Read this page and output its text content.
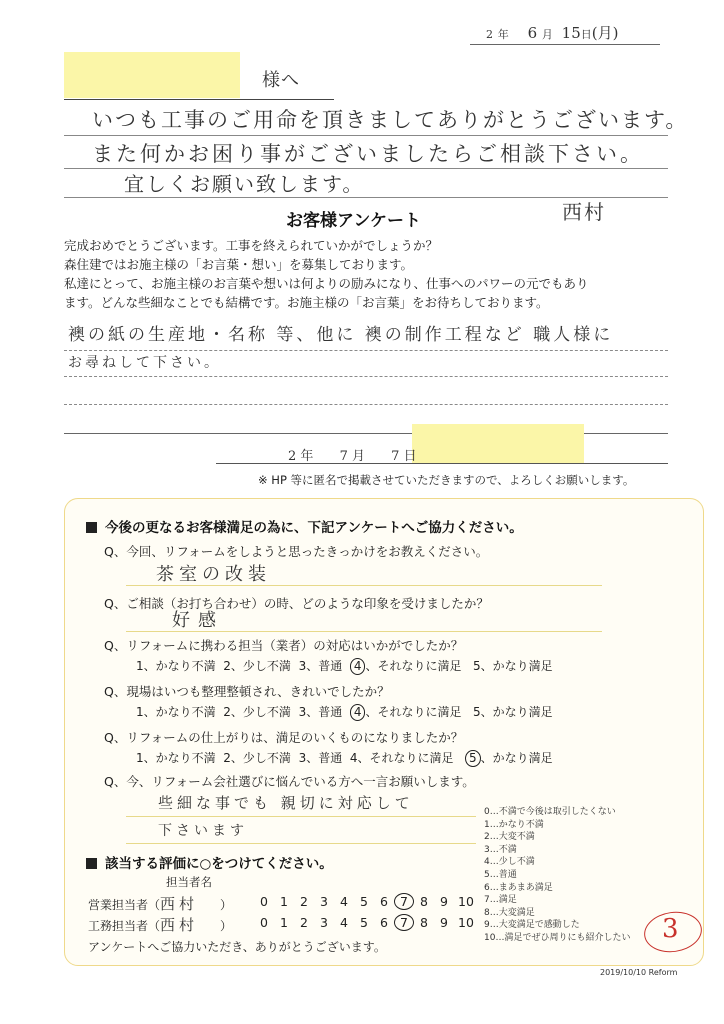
様へ
2 年 6 月 15日(月)
いつも工事のご用命を頂きましてありがとうございます。
また何かお困り事がございましたらご相談下さい。
宜しくお願い致します。
西村
お客様アンケート
完成おめでとうございます。工事を終えられていかがでしょうか？
森住建ではお施主様の「お言葉・想い」を募集しております。
私達にとって、お施主様のお言葉や想いは何よりの励みになり、仕事へのパワーの元でもあり
ます。どんな些細なことでも結構です。お施主様の「お言葉」をお待ちしております。
襖の紙の生産地・名称 等、他に 襖の制作工程など 職人様に
お尋ねして下さい。
2 年 7 月 7 日
※ HP 等に匿名で掲載させていただきますので、よろしくお願いします。
今後の更なるお客様満足の為に、下記アンケートへご協力ください。
Q、今回、リフォームをしようと思ったきっかけをお教えください。
茶室の改装
Q、ご相談（お打ち合わせ）の時、どのような印象を受けましたか？
好感
Q、リフォームに携わる担当（業者）の対応はいかがでしたか？
1、かなり不満 2、少し不満 3、普通 4 、それなりに満足 5、かなり満足
Q、現場はいつも整理整頓され、きれいでしたか？
1、かなり不満 2、少し不満 3、普通 4 、それなりに満足 5、かなり満足
Q、リフォームの仕上がりは、満足のいくものになりましたか？
1、かなり不満 2、少し不満 3、普通 4、それなりに満足 5 、かなり満足
Q、今、リフォーム会社選びに悩んでいる方へ一言お願いします。
些細な事でも 親切に対応して
下さいます
該当する評価に○をつけてください。
担当者名
営業担当者（西村 ）	0 1 2 3 4 5 6 7 8 9 10
工務担当者（西村 ）	0 1 2 3 4 5 6 7 8 9 10
アンケートへご協力いただき、ありがとうございます。
0…不満で今後は取引したくない
1…かなり不満
2…大変不満
3…不満
4…少し不満
5…普通
6…まあまあ満足
7…満足
8…大変満足
9…大変満足で感動した
10…満足でぜひ周りにも紹介したい 3
2019/10/10 Reform
